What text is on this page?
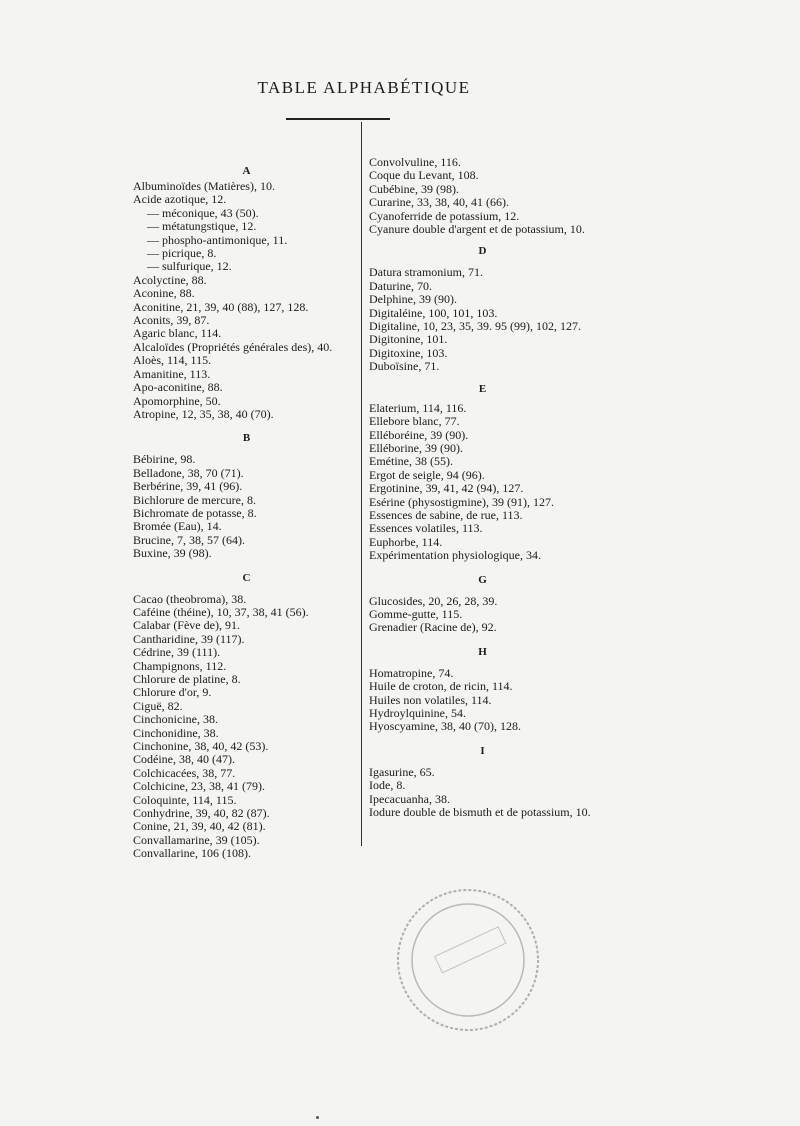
TABLE ALPHABÉTIQUE
A
Albuminoïdes (Matières), 10.
Acide azotique, 12.
— méconique, 43 (50).
— métatungstique, 12.
— phospho-antimonique, 11.
— picrique, 8.
— sulfurique, 12.
Acolyctine, 88.
Aconine, 88.
Aconitine, 21, 39, 40 (88), 127, 128.
Aconits, 39, 87.
Agaric blanc, 114.
Alcaloïdes (Propriétés générales des), 40.
Aloès, 114, 115.
Amanitine, 113.
Apo-aconitine, 88.
Apomorphine, 50.
Atropine, 12, 35, 38, 40 (70).
B
Bébirine, 98.
Belladone, 38, 70 (71).
Berbérine, 39, 41 (96).
Bichlorure de mercure, 8.
Bichromate de potasse, 8.
Bromée (Eau), 14.
Brucine, 7, 38, 57 (64).
Buxine, 39 (98).
C
Cacao (theobroma), 38.
Caféine (théine), 10, 37, 38, 41 (56).
Calabar (Fève de), 91.
Cantharidine, 39 (117).
Cédrine, 39 (111).
Champignons, 112.
Chlorure de platine, 8.
Chlorure d'or, 9.
Ciguë, 82.
Cinchonicine, 38.
Cinchonidine, 38.
Cinchonine, 38, 40, 42 (53).
Codéine, 38, 40 (47).
Colchicacées, 38, 77.
Colchicine, 23, 38, 41 (79).
Coloquinte, 114, 115.
Conhydrine, 39, 40, 82 (87).
Conine, 21, 39, 40, 42 (81).
Convallamarine, 39 (105).
Convallarine, 106 (108).
Convolvuline, 116.
Coque du Levant, 108.
Cubébine, 39 (98).
Curarine, 33, 38, 40, 41 (66).
Cyanoferride de potassium, 12.
Cyanure double d'argent et de potassium, 10.
D
Datura stramonium, 71.
Daturine, 70.
Delphine, 39 (90).
Digitaléine, 100, 101, 103.
Digitaline, 10, 23, 35, 39. 95 (99), 102, 127.
Digitonine, 101.
Digitoxine, 103.
Duboïsine, 71.
E
Elaterium, 114, 116.
Ellebore blanc, 77.
Elléboréine, 39 (90).
Elléborine, 39 (90).
Emétine, 38 (55).
Ergot de seigle, 94 (96).
Ergotinine, 39, 41, 42 (94), 127.
Esérine (physostigmine), 39 (91), 127.
Essences de sabine, de rue, 113.
Essences volatiles, 113.
Euphorbe, 114.
Expérimentation physiologique, 34.
G
Glucosides, 20, 26, 28, 39.
Gomme-gutte, 115.
Grenadier (Racine de), 92.
H
Homatropine, 74.
Huile de croton, de ricin, 114.
Huiles non volatiles, 114.
Hydroylquinine, 54.
Hyoscyamine, 38, 40 (70), 128.
I
Igasurine, 65.
Iode, 8.
Ipecacuanha, 38.
Iodure double de bismuth et de potassium, 10.
